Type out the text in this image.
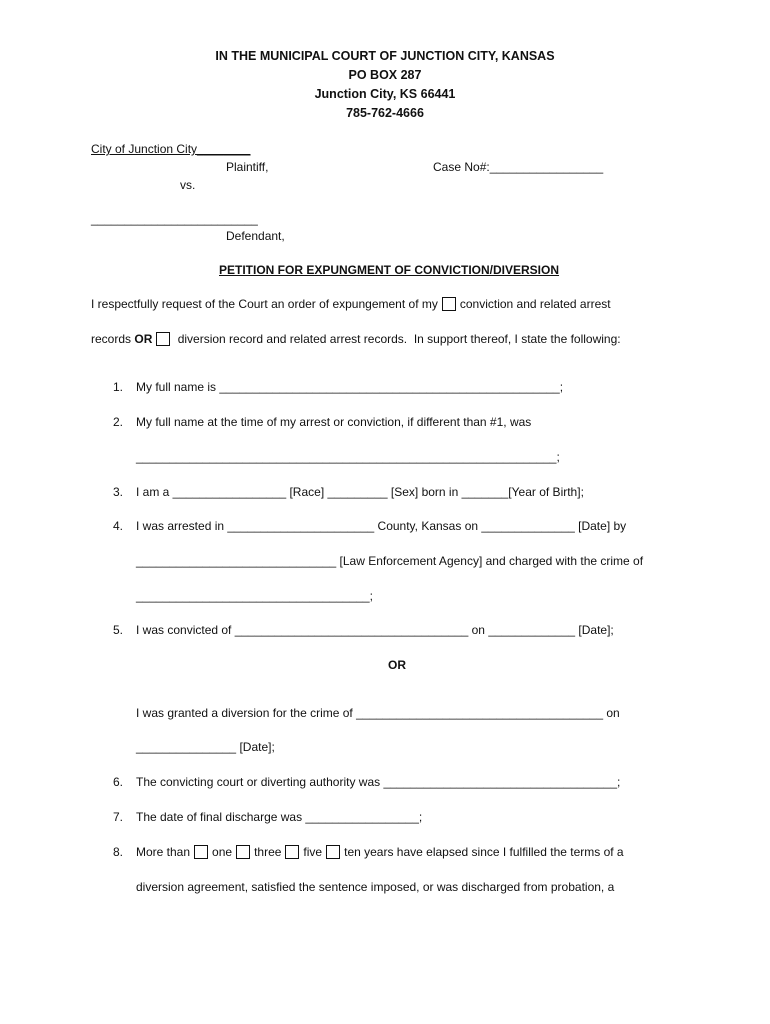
IN THE MUNICIPAL COURT OF JUNCTION CITY, KANSAS
PO BOX 287
Junction City, KS 66441
785-762-4666
City of Junction City________
Plaintiff,	Case No#:_________________
vs.
_________________________
Defendant,
PETITION FOR EXPUNGMENT OF CONVICTION/DIVERSION
I respectfully request of the Court an order of expungement of my conviction and related arrest
records OR diversion record and related arrest records.  In support thereof, I state the following:
1. My full name is ___________________________________________________;
2. My full name at the time of my arrest or conviction, if different than #1, was
_______________________________________________________________;
3. I am a _________________ [Race] _________ [Sex] born in _______[Year of Birth];
4. I was arrested in ______________________ County, Kansas on ______________ [Date] by
______________________________ [Law Enforcement Agency] and charged with the crime of
___________________________________;
5. I was convicted of ___________________________________ on _____________ [Date];
OR
I was granted a diversion for the crime of _____________________________________ on
_______________ [Date];
6. The convicting court or diverting authority was ___________________________________;
7. The date of final discharge was _________________;
8. More than one three five ten years have elapsed since I fulfilled the terms of a
diversion agreement, satisfied the sentence imposed, or was discharged from probation, a
